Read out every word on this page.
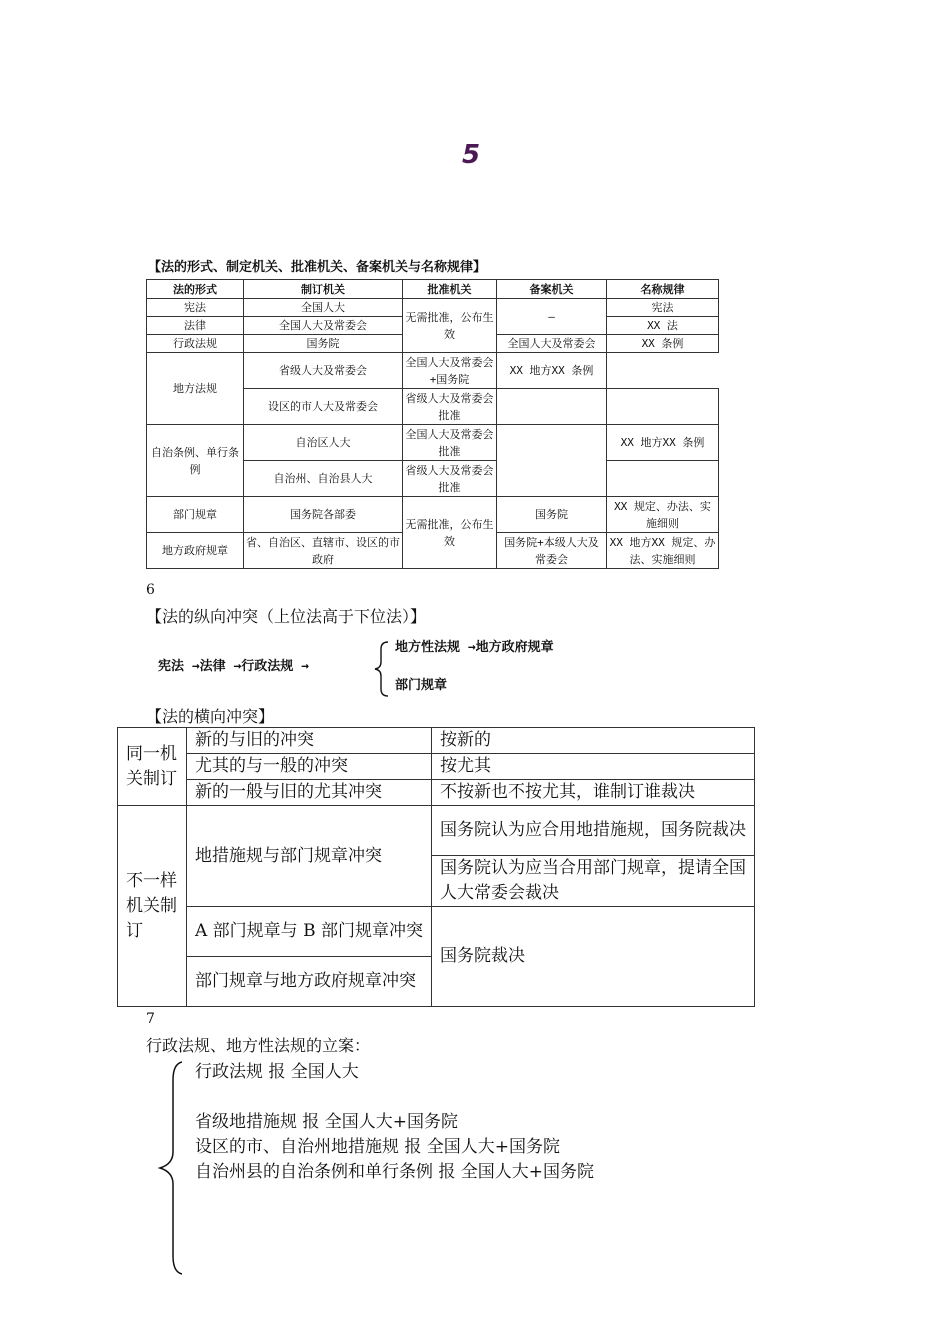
5
【法的形式、制定机关、批准机关、备案机关与名称规律】
法的形式	制订机关	批准机关	备案机关	名称规律
宪法	全国人大	无需批准，公布生效	–	宪法
法律	全国人大及常委会			XX 法
行政法规	国务院		全国人大及常委会	XX 条例
地方法规	省级人大及常委会	全国人大及常委会+国务院	XX 地方XX 条例	
	设区的市人大及常委会	省级人大及常委会批准		
自治条例、单行条例	自治区人大	全国人大及常委会批准		XX 地方XX 条例
	自治州、自治县人大	省级人大及常委会批准		
部门规章	国务院各部委	无需批准，公布生效	国务院	XX 规定、办法、实施细则
地方政府规章	省、自治区、直辖市、设区的市政府		国务院+本级人大及常委会	XX 地方XX 规定、办法、实施细则
6
【法的纵向冲突（上位法高于下位法）】
宪法 →法律 →行政法规 →
地方性法规 →地方政府规章
部门规章
【法的横向冲突】
同一机关制订	新的与旧的冲突	按新的
	尤其的与一般的冲突	按尤其
	新的一般与旧的尤其冲突	不按新也不按尤其，谁制订谁裁决
不一样机关制订	地措施规与部门规章冲突	国务院认为应合用地措施规，国务院裁决
		国务院认为应当合用部门规章，提请全国人大常委会裁决
	A 部门规章与 B 部门规章冲突	国务院裁决
	部门规章与地方政府规章冲突	
7
行政法规、地方性法规的立案：
行政法规 报 全国人大
省级地措施规 报 全国人大+国务院
设区的市、自治州地措施规 报 全国人大+国务院
自治州县的自治条例和单行条例 报 全国人大+国务院
